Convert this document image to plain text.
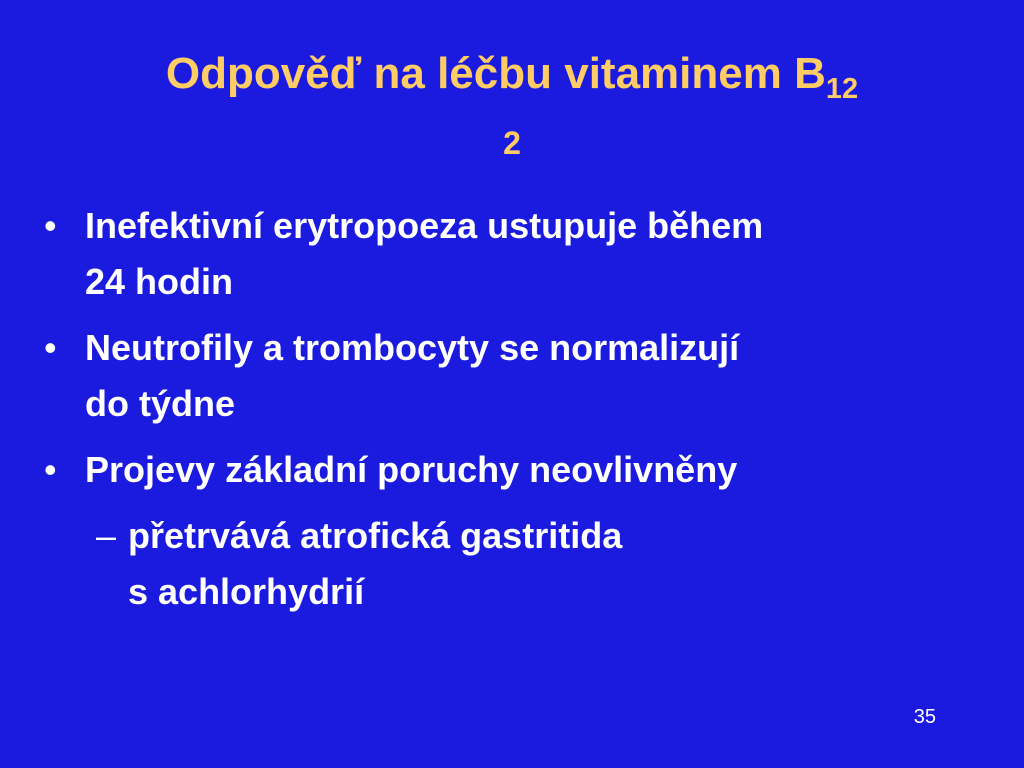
Odpověď na léčbu vitaminem $B_{12}$
2
• Inefektivní erytropoeza ustupuje během
24 hodin
• Neutrofily a trombocyty se normalizují
do týdne
• Projevy základní poruchy neovlivněny
– přetrvává atrofická gastritida
s achlorhydrií
35
